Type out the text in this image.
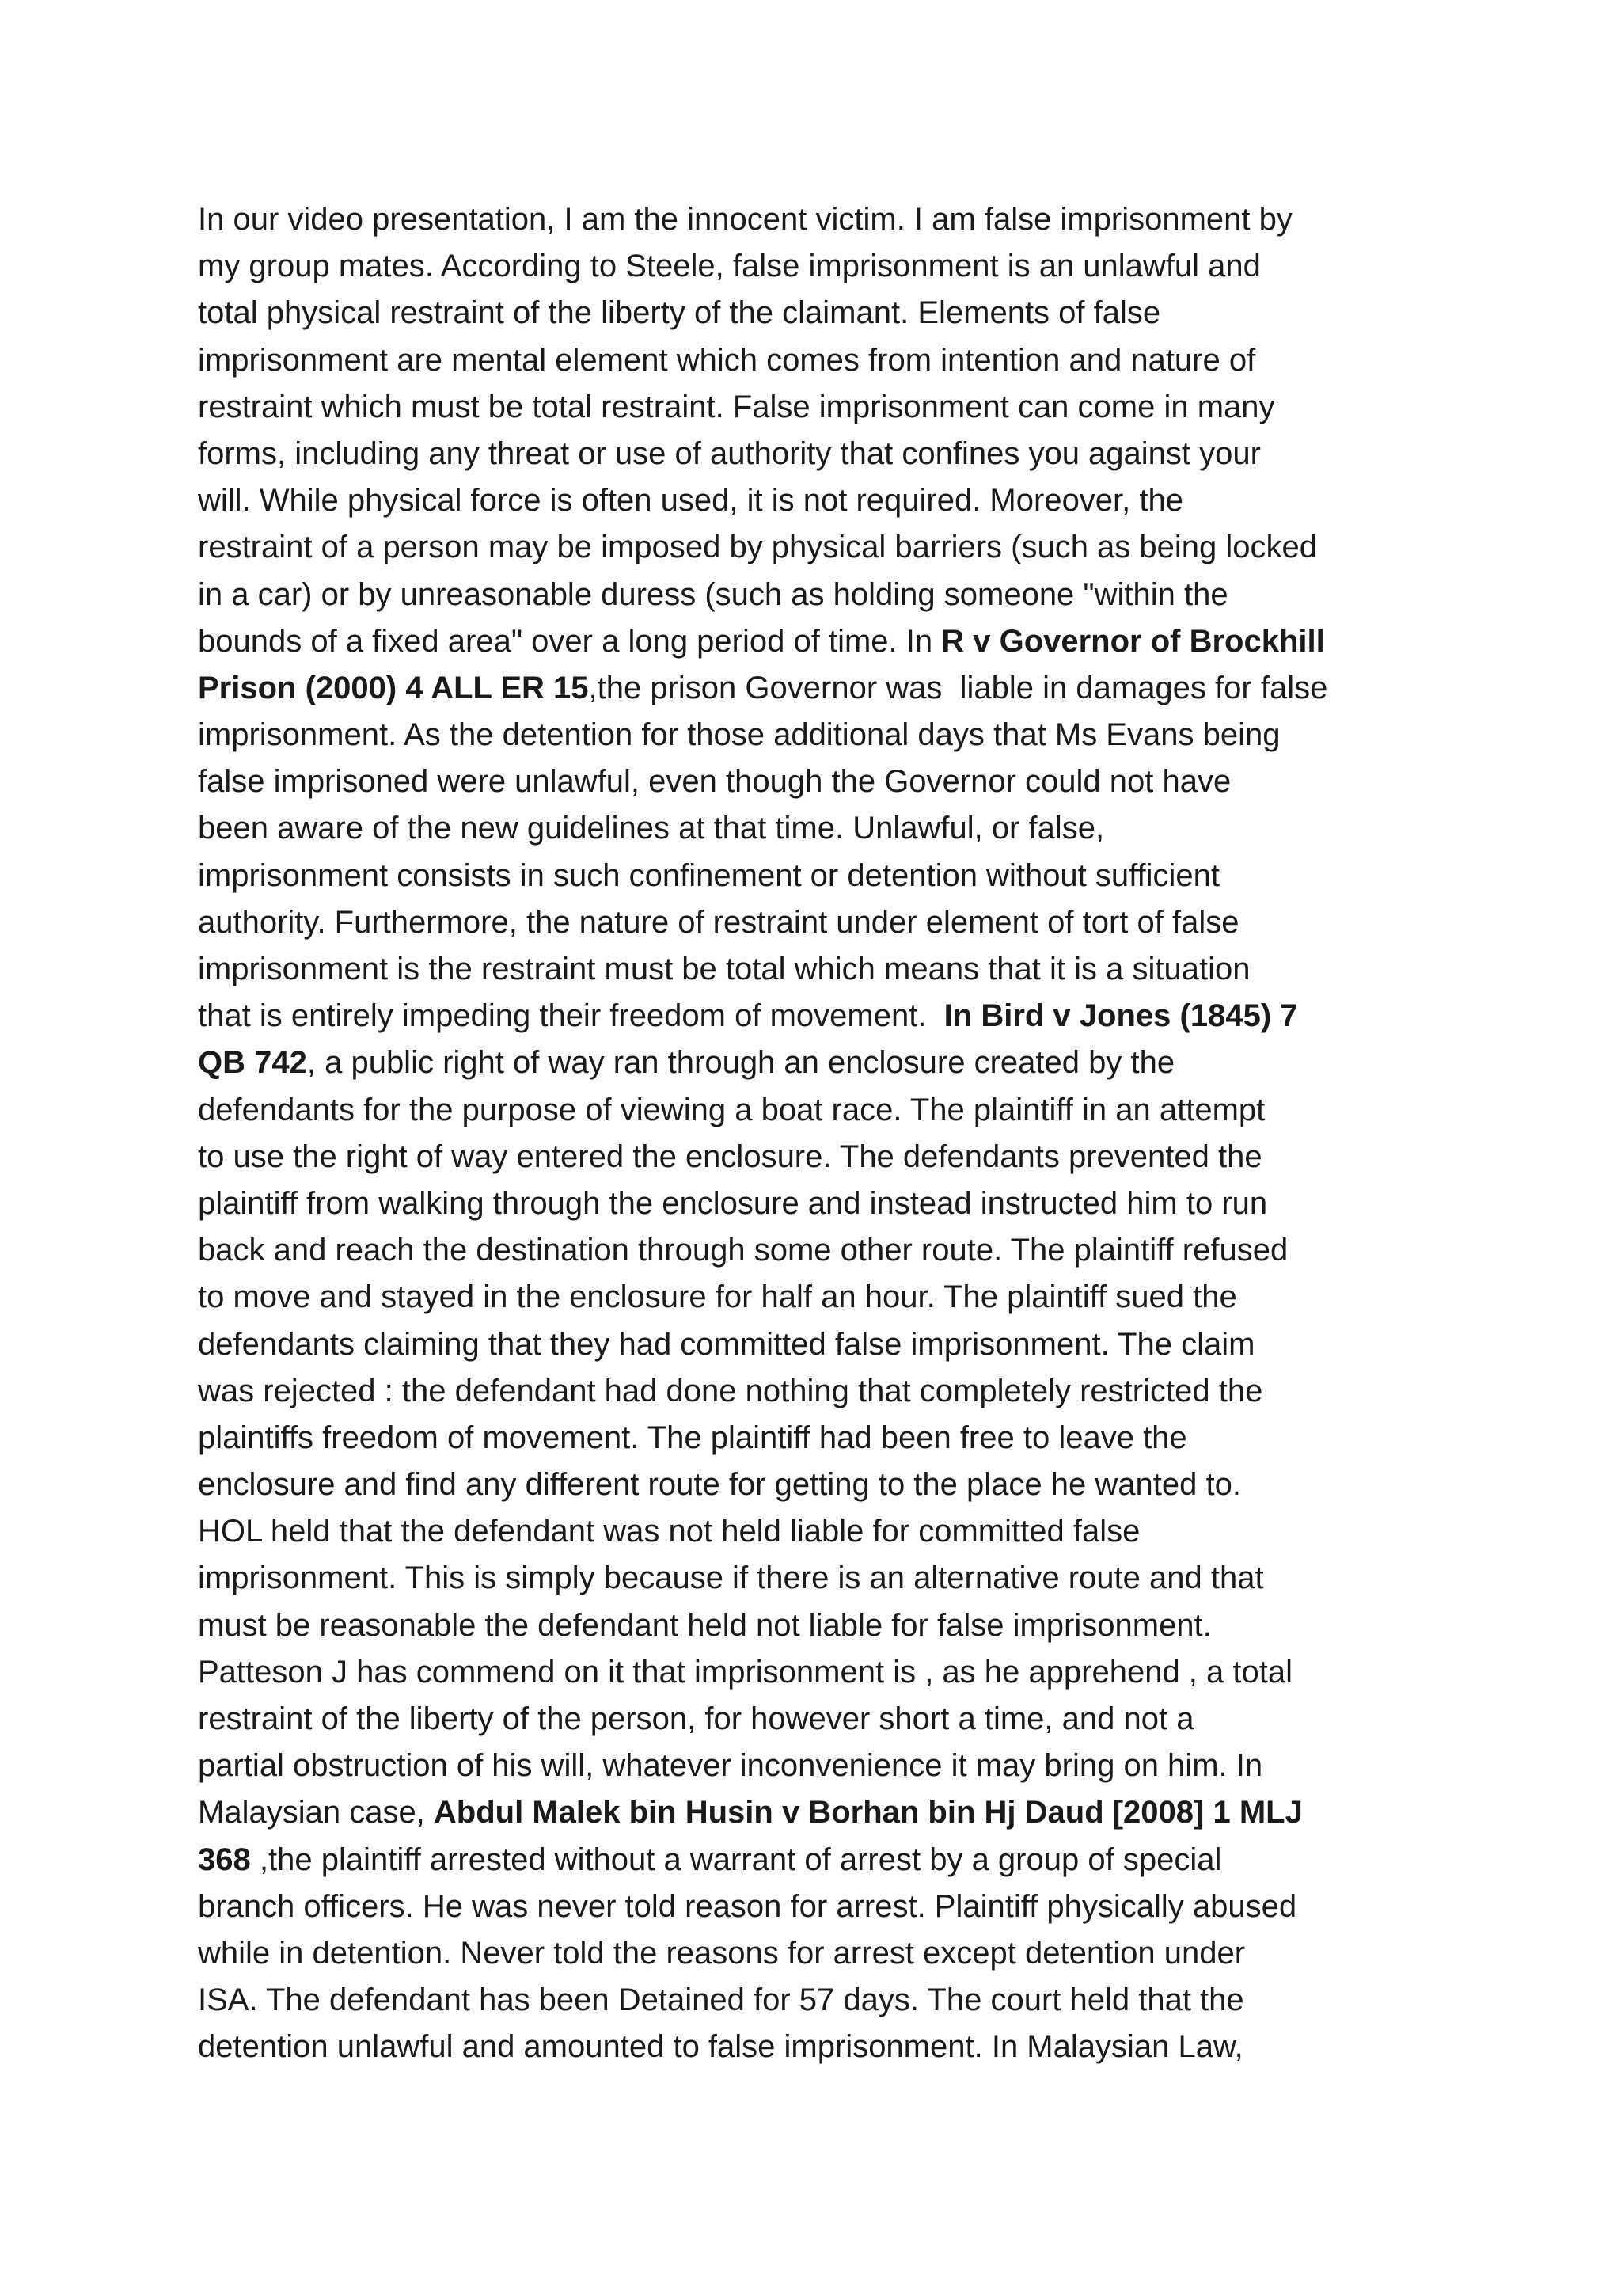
In our video presentation, I am the innocent victim. I am false imprisonment by
my group mates. According to Steele, false imprisonment is an unlawful and
total physical restraint of the liberty of the claimant. Elements of false
imprisonment are mental element which comes from intention and nature of
restraint which must be total restraint. False imprisonment can come in many
forms, including any threat or use of authority that confines you against your
will. While physical force is often used, it is not required. Moreover, the
restraint of a person may be imposed by physical barriers (such as being locked
in a car) or by unreasonable duress (such as holding someone "within the
bounds of a fixed area" over a long period of time. In R v Governor of Brockhill
Prison (2000) 4 ALL ER 15,the prison Governor was  liable in damages for false
imprisonment. As the detention for those additional days that Ms Evans being
false imprisoned were unlawful, even though the Governor could not have
been aware of the new guidelines at that time. Unlawful, or false,
imprisonment consists in such confinement or detention without sufficient
authority. Furthermore, the nature of restraint under element of tort of false
imprisonment is the restraint must be total which means that it is a situation
that is entirely impeding their freedom of movement.  In Bird v Jones (1845) 7
QB 742, a public right of way ran through an enclosure created by the
defendants for the purpose of viewing a boat race. The plaintiff in an attempt
to use the right of way entered the enclosure. The defendants prevented the
plaintiff from walking through the enclosure and instead instructed him to run
back and reach the destination through some other route. The plaintiff refused
to move and stayed in the enclosure for half an hour. The plaintiff sued the
defendants claiming that they had committed false imprisonment. The claim
was rejected : the defendant had done nothing that completely restricted the
plaintiffs freedom of movement. The plaintiff had been free to leave the
enclosure and find any different route for getting to the place he wanted to.
HOL held that the defendant was not held liable for committed false
imprisonment. This is simply because if there is an alternative route and that
must be reasonable the defendant held not liable for false imprisonment.
Patteson J has commend on it that imprisonment is , as he apprehend , a total
restraint of the liberty of the person, for however short a time, and not a
partial obstruction of his will, whatever inconvenience it may bring on him. In
Malaysian case, Abdul Malek bin Husin v Borhan bin Hj Daud [2008] 1 MLJ
368 ,the plaintiff arrested without a warrant of arrest by a group of special
branch officers. He was never told reason for arrest. Plaintiff physically abused
while in detention. Never told the reasons for arrest except detention under
ISA. The defendant has been Detained for 57 days. The court held that the
detention unlawful and amounted to false imprisonment. In Malaysian Law,
